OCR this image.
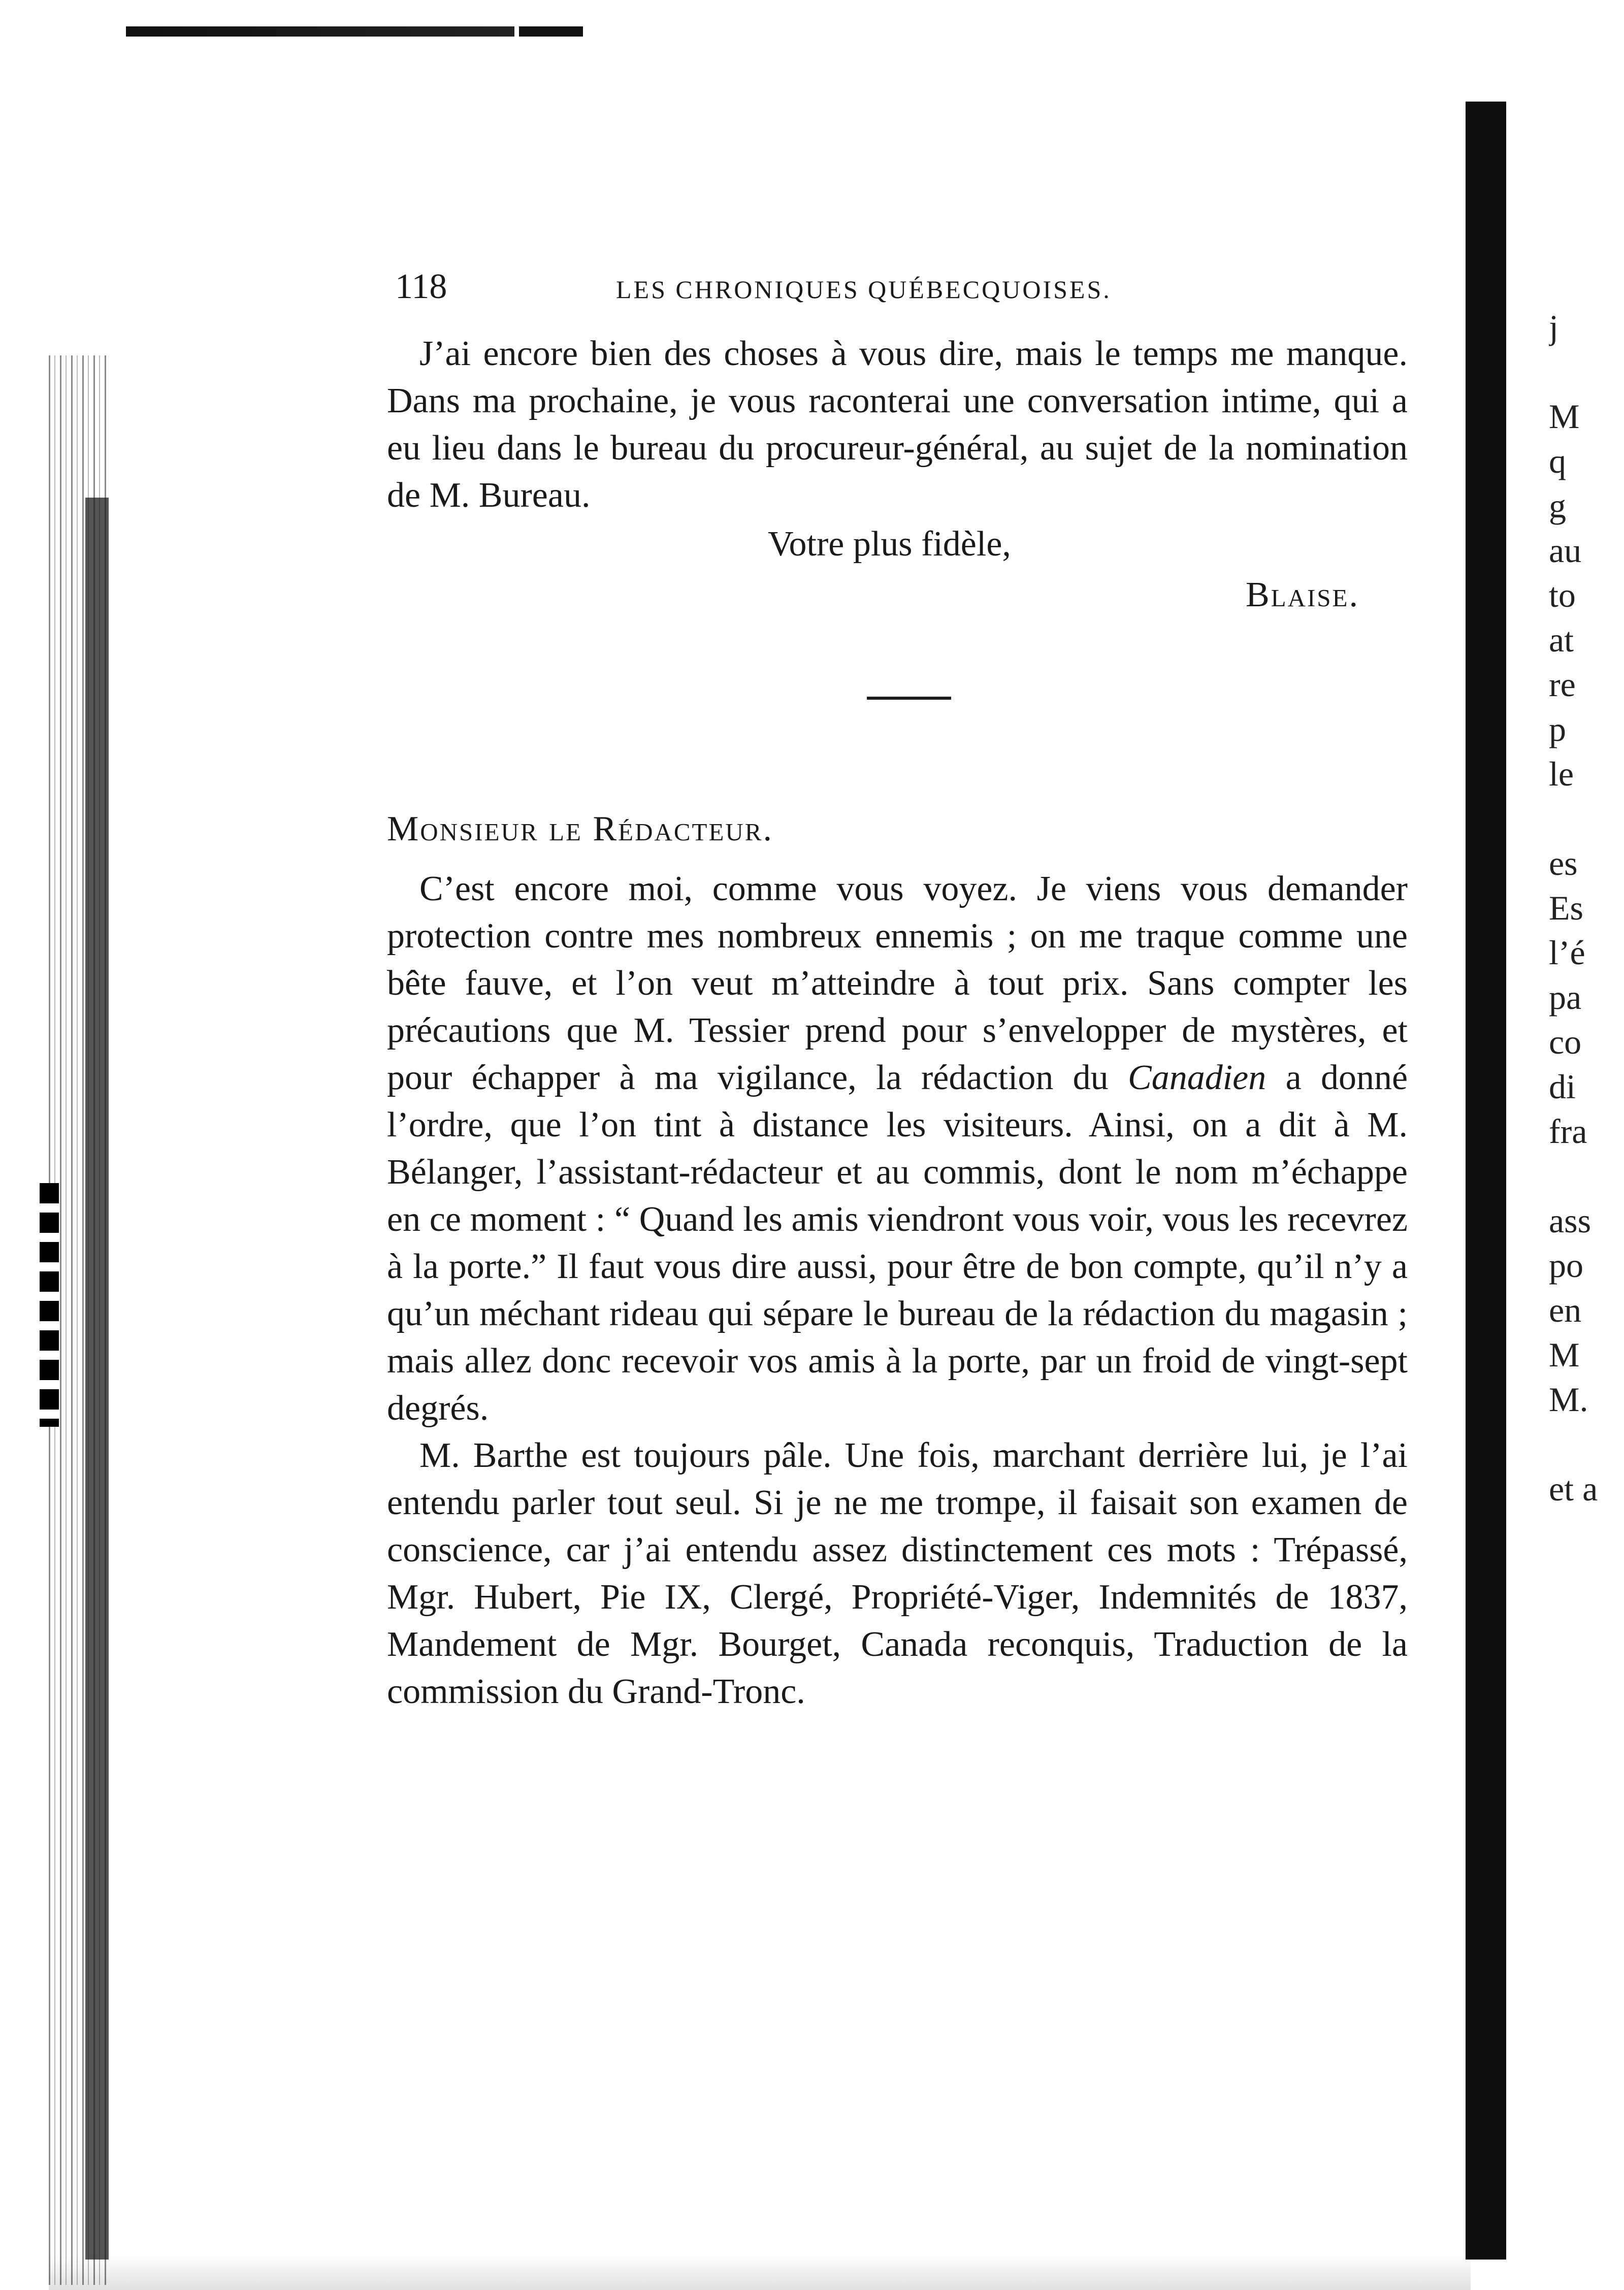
j

M
q
g
au
to
at
re
p
le

es
Es
l’é
pa
co
di
fra

ass
po
en
M
M.

et a
118	LES CHRONIQUES QUÉBECQUOISES.

J’ai encore bien des choses à vous dire, mais le temps me manque. Dans ma prochaine, je vous raconterai une conversation intime, qui a eu lieu dans le bureau du procureur-général, au sujet de la nomination de M. Bureau.

Votre plus fidèle,

Blaise.

Monsieur le Rédacteur.

C’est encore moi, comme vous voyez. Je viens vous demander protection contre mes nombreux ennemis ; on me traque comme une bête fauve, et l’on veut m’atteindre à tout prix. Sans compter les précautions que M. Tessier prend pour s’envelopper de mystères, et pour échapper à ma vigilance, la rédaction du Canadien a donné l’ordre, que l’on tint à distance les visiteurs. Ainsi, on a dit à M. Bélanger, l’assistant-rédacteur et au commis, dont le nom m’échappe en ce moment : “ Quand les amis viendront vous voir, vous les recevrez à la porte.” Il faut vous dire aussi, pour être de bon compte, qu’il n’y a qu’un méchant rideau qui sépare le bureau de la rédaction du magasin ; mais allez donc recevoir vos amis à la porte, par un froid de vingt-sept degrés.

M. Barthe est toujours pâle. Une fois, marchant derrière lui, je l’ai entendu parler tout seul. Si je ne me trompe, il faisait son examen de conscience, car j’ai entendu assez distinctement ces mots : Trépassé, Mgr. Hubert, Pie IX, Clergé, Propriété-Viger, Indemnités de 1837, Mandement de Mgr. Bourget, Canada reconquis, Traduction de la commission du Grand-Tronc.
